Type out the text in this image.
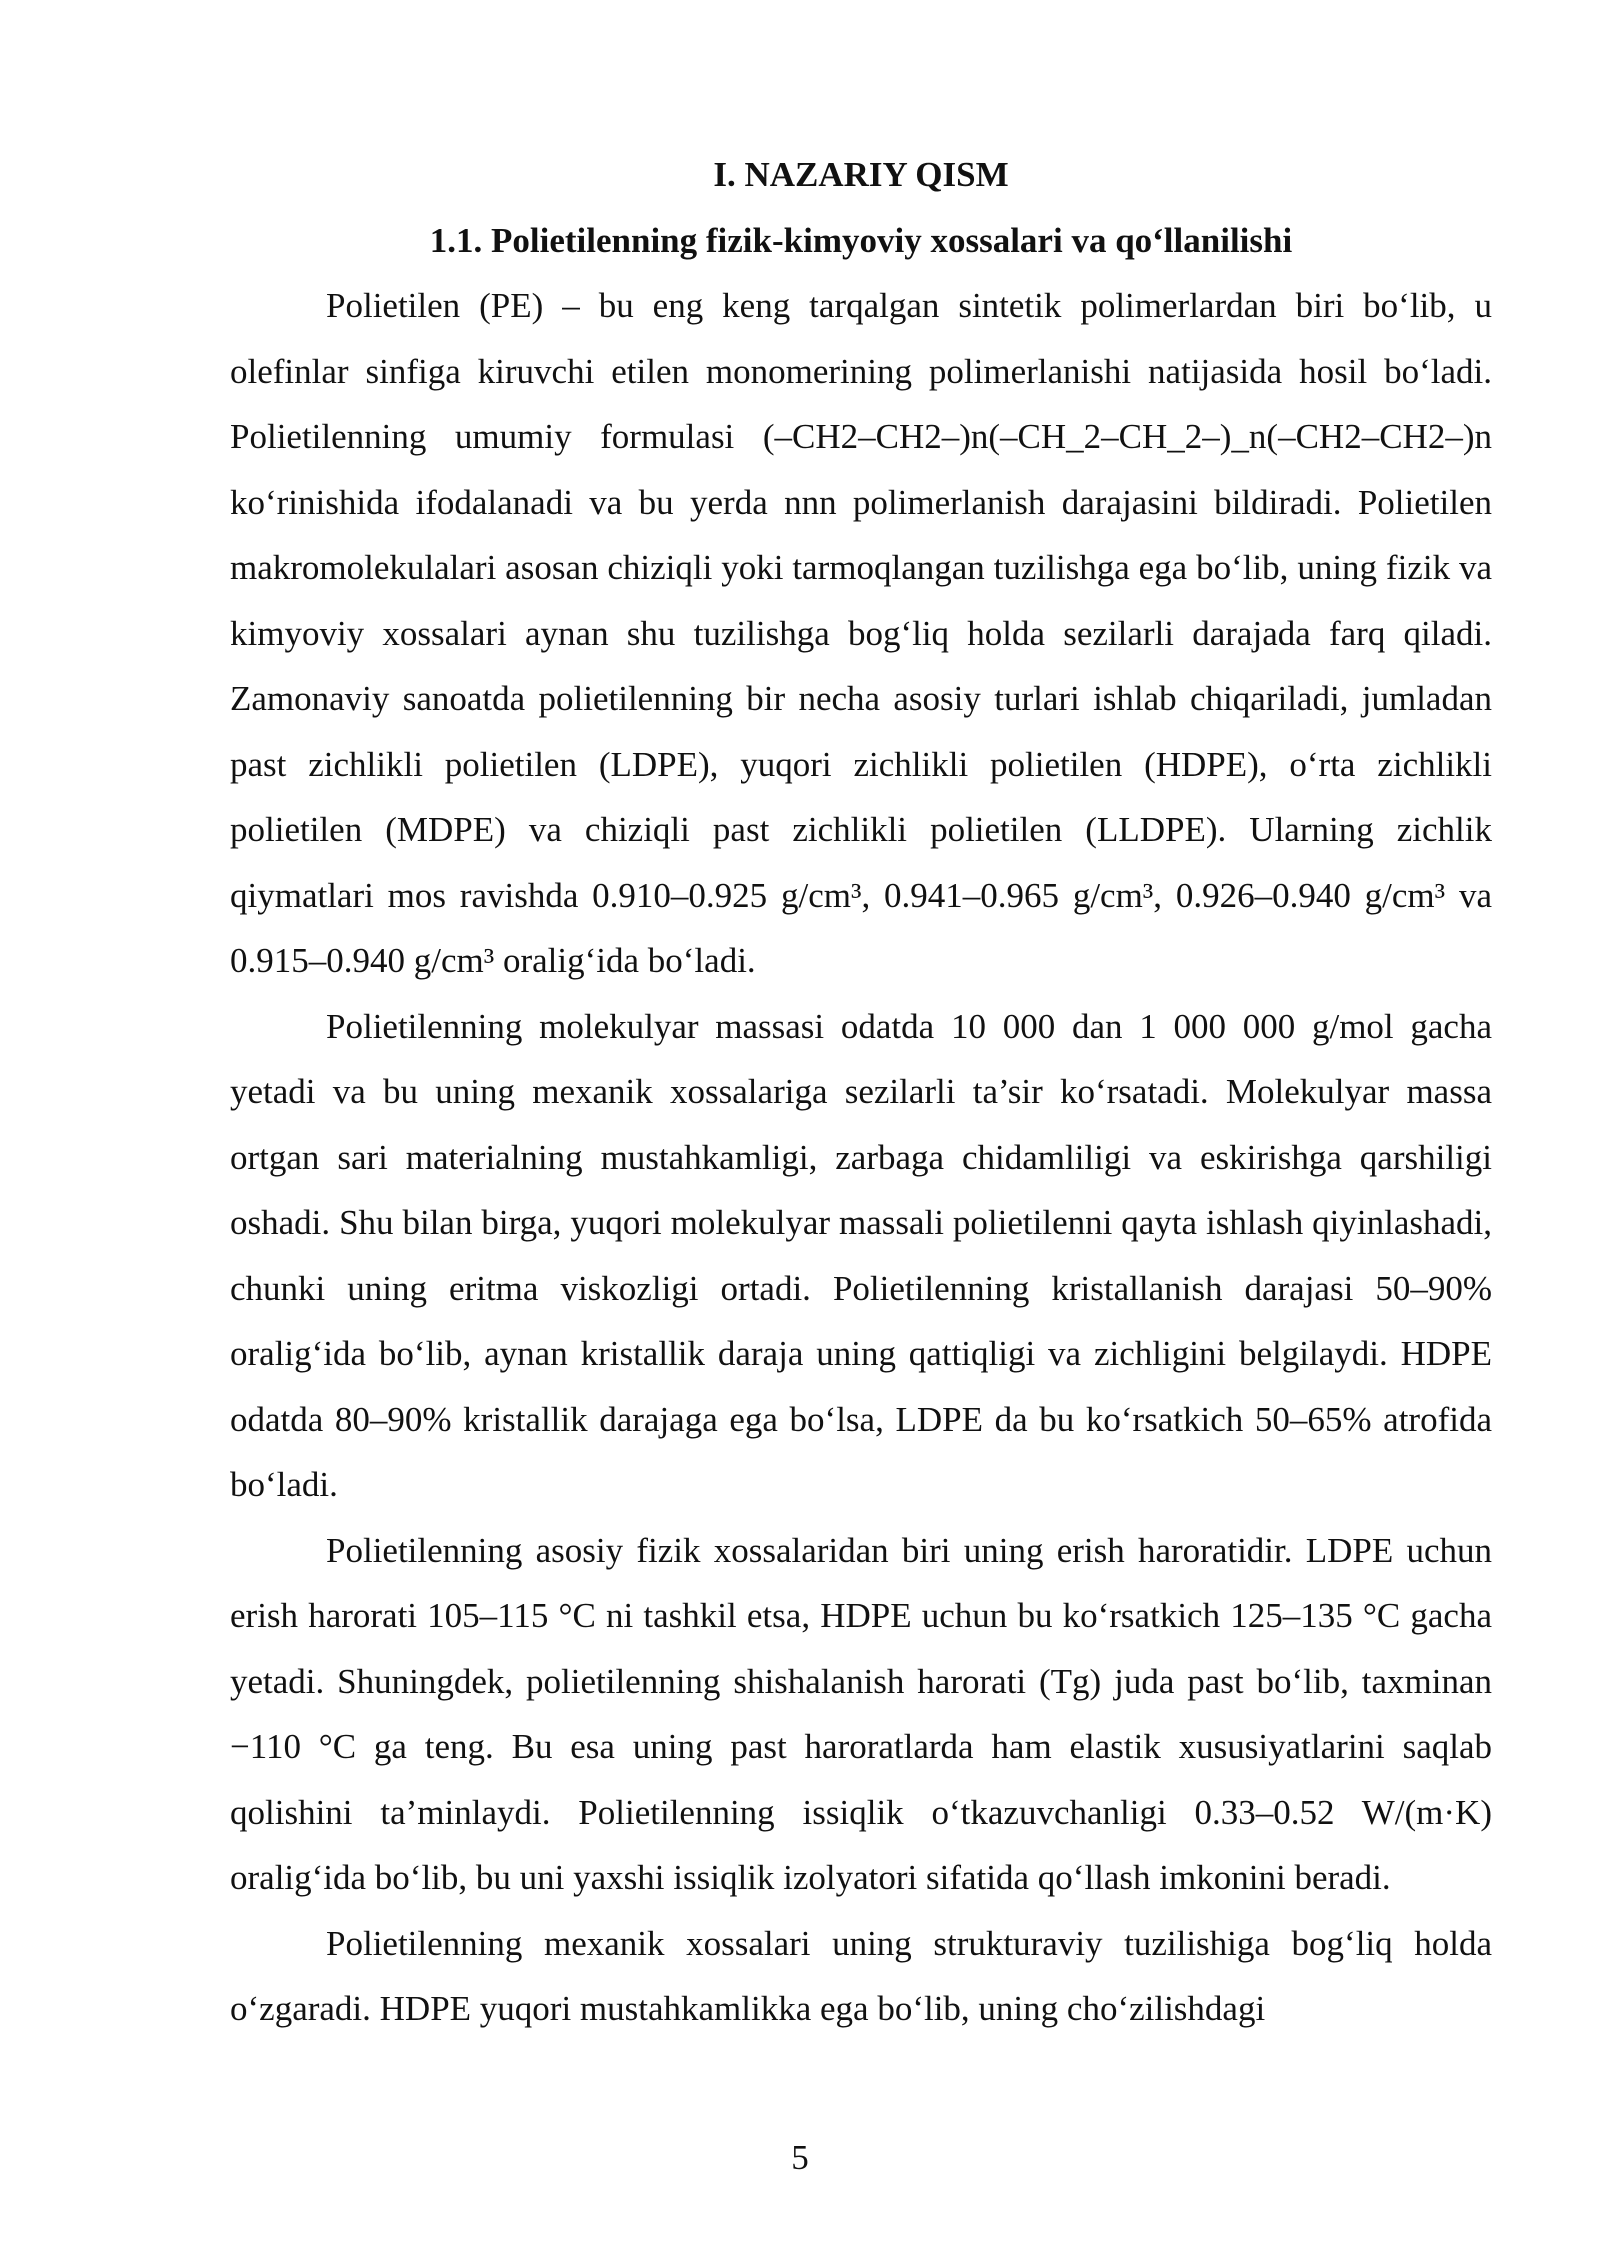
I. NAZARIY QISM
1.1. Polietilenning fizik-kimyoviy xossalari va qo‘llanilishi

Polietilen (PE) – bu eng keng tarqalgan sintetik polimerlardan biri bo‘lib, u olefinlar sinfiga kiruvchi etilen monomerining polimerlanishi natijasida hosil bo‘ladi. Polietilenning umumiy formulasi (–CH2–CH2–)n(–CH_2–CH_2–)_n(–CH2–CH2–)n ko‘rinishida ifodalanadi va bu yerda nnn polimerlanish darajasini bildiradi. Polietilen makromolekulalari asosan chiziqli yoki tarmoqlangan tuzilishga ega bo‘lib, uning fizik va kimyoviy xossalari aynan shu tuzilishga bog‘liq holda sezilarli darajada farq qiladi. Zamonaviy sanoatda polietilenning bir necha asosiy turlari ishlab chiqariladi, jumladan past zichlikli polietilen (LDPE), yuqori zichlikli polietilen (HDPE), o‘rta zichlikli polietilen (MDPE) va chiziqli past zichlikli polietilen (LLDPE). Ularning zichlik qiymatlari mos ravishda 0.910–0.925 g/cm³, 0.941–0.965 g/cm³, 0.926–0.940 g/cm³ va 0.915–0.940 g/cm³ oralig‘ida bo‘ladi.

Polietilenning molekulyar massasi odatda 10 000 dan 1 000 000 g/mol gacha yetadi va bu uning mexanik xossalariga sezilarli ta’sir ko‘rsatadi. Molekulyar massa ortgan sari materialning mustahkamligi, zarbaga chidamliligi va eskirishga qarshiligi oshadi. Shu bilan birga, yuqori molekulyar massali polietilenni qayta ishlash qiyinlashadi, chunki uning eritma viskozligi ortadi. Polietilenning kristallanish darajasi 50–90% oralig‘ida bo‘lib, aynan kristallik daraja uning qattiqligi va zichligini belgilaydi. HDPE odatda 80–90% kristallik darajaga ega bo‘lsa, LDPE da bu ko‘rsatkich 50–65% atrofida bo‘ladi.

Polietilenning asosiy fizik xossalaridan biri uning erish haroratidir. LDPE uchun erish harorati 105–115 °C ni tashkil etsa, HDPE uchun bu ko‘rsatkich 125–135 °C gacha yetadi. Shuningdek, polietilenning shishalanish harorati (Tg) juda past bo‘lib, taxminan −110 °C ga teng. Bu esa uning past haroratlarda ham elastik xususiyatlarini saqlab qolishini ta’minlaydi. Polietilenning issiqlik o‘tkazuvchanligi 0.33–0.52 W/(m·K) oralig‘ida bo‘lib, bu uni yaxshi issiqlik izolyatori sifatida qo‘llash imkonini beradi.

Polietilenning mexanik xossalari uning strukturaviy tuzilishiga bog‘liq holda o‘zgaradi. HDPE yuqori mustahkamlikka ega bo‘lib, uning cho‘zilishdagi

5
